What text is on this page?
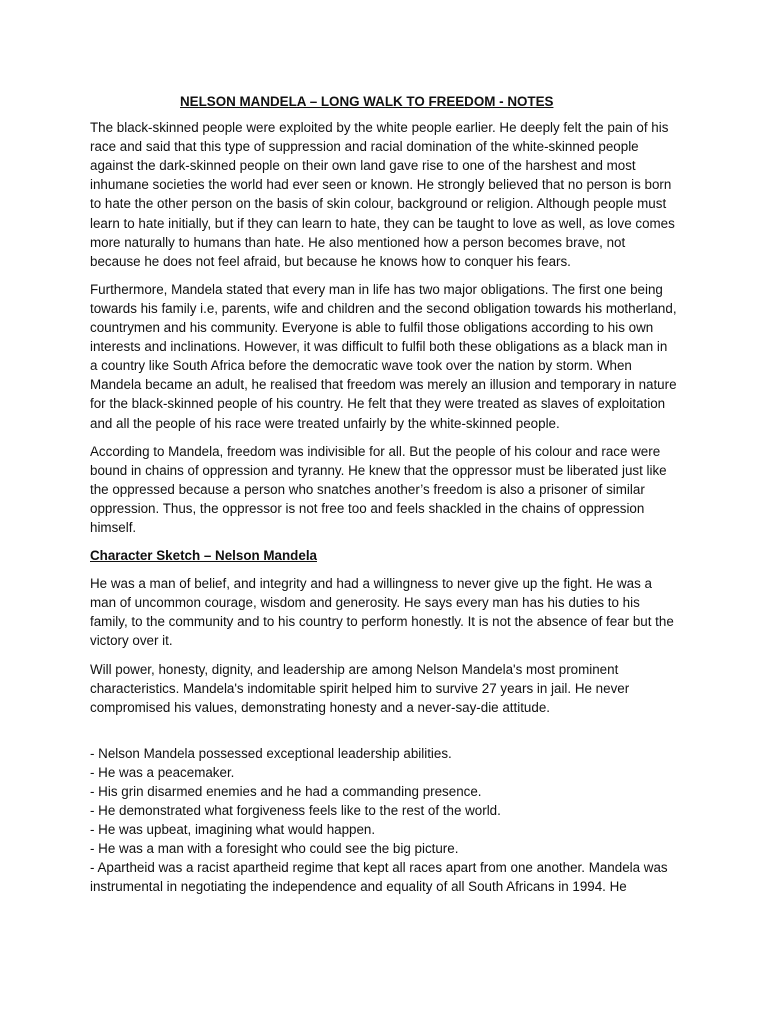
NELSON MANDELA – LONG WALK TO FREEDOM - NOTES

The black-skinned people were exploited by the white people earlier. He deeply felt the pain of his race and said that this type of suppression and racial domination of the white-skinned people against the dark-skinned people on their own land gave rise to one of the harshest and most inhumane societies the world had ever seen or known. He strongly believed that no person is born to hate the other person on the basis of skin colour, background or religion. Although people must learn to hate initially, but if they can learn to hate, they can be taught to love as well, as love comes more naturally to humans than hate. He also mentioned how a person becomes brave, not because he does not feel afraid, but because he knows how to conquer his fears.

Furthermore, Mandela stated that every man in life has two major obligations. The first one being towards his family i.e, parents, wife and children and the second obligation towards his motherland, countrymen and his community. Everyone is able to fulfil those obligations according to his own interests and inclinations. However, it was difficult to fulfil both these obligations as a black man in a country like South Africa before the democratic wave took over the nation by storm. When Mandela became an adult, he realised that freedom was merely an illusion and temporary in nature for the black-skinned people of his country. He felt that they were treated as slaves of exploitation and all the people of his race were treated unfairly by the white-skinned people.

According to Mandela, freedom was indivisible for all. But the people of his colour and race were bound in chains of oppression and tyranny. He knew that the oppressor must be liberated just like the oppressed because a person who snatches another’s freedom is also a prisoner of similar oppression. Thus, the oppressor is not free too and feels shackled in the chains of oppression himself.

Character Sketch – Nelson Mandela

He was a man of belief, and integrity and had a willingness to never give up the fight. He was a man of uncommon courage, wisdom and generosity. He says every man has his duties to his family, to the community and to his country to perform honestly. It is not the absence of fear but the victory over it.

Will power, honesty, dignity, and leadership are among Nelson Mandela's most prominent characteristics. Mandela's indomitable spirit helped him to survive 27 years in jail. He never compromised his values, demonstrating honesty and a never-say-die attitude.

- Nelson Mandela possessed exceptional leadership abilities.
- He was a peacemaker.
- His grin disarmed enemies and he had a commanding presence.
- He demonstrated what forgiveness feels like to the rest of the world.
- He was upbeat, imagining what would happen.
- He was a man with a foresight who could see the big picture.
- Apartheid was a racist apartheid regime that kept all races apart from one another. Mandela was instrumental in negotiating the independence and equality of all South Africans in 1994. He
